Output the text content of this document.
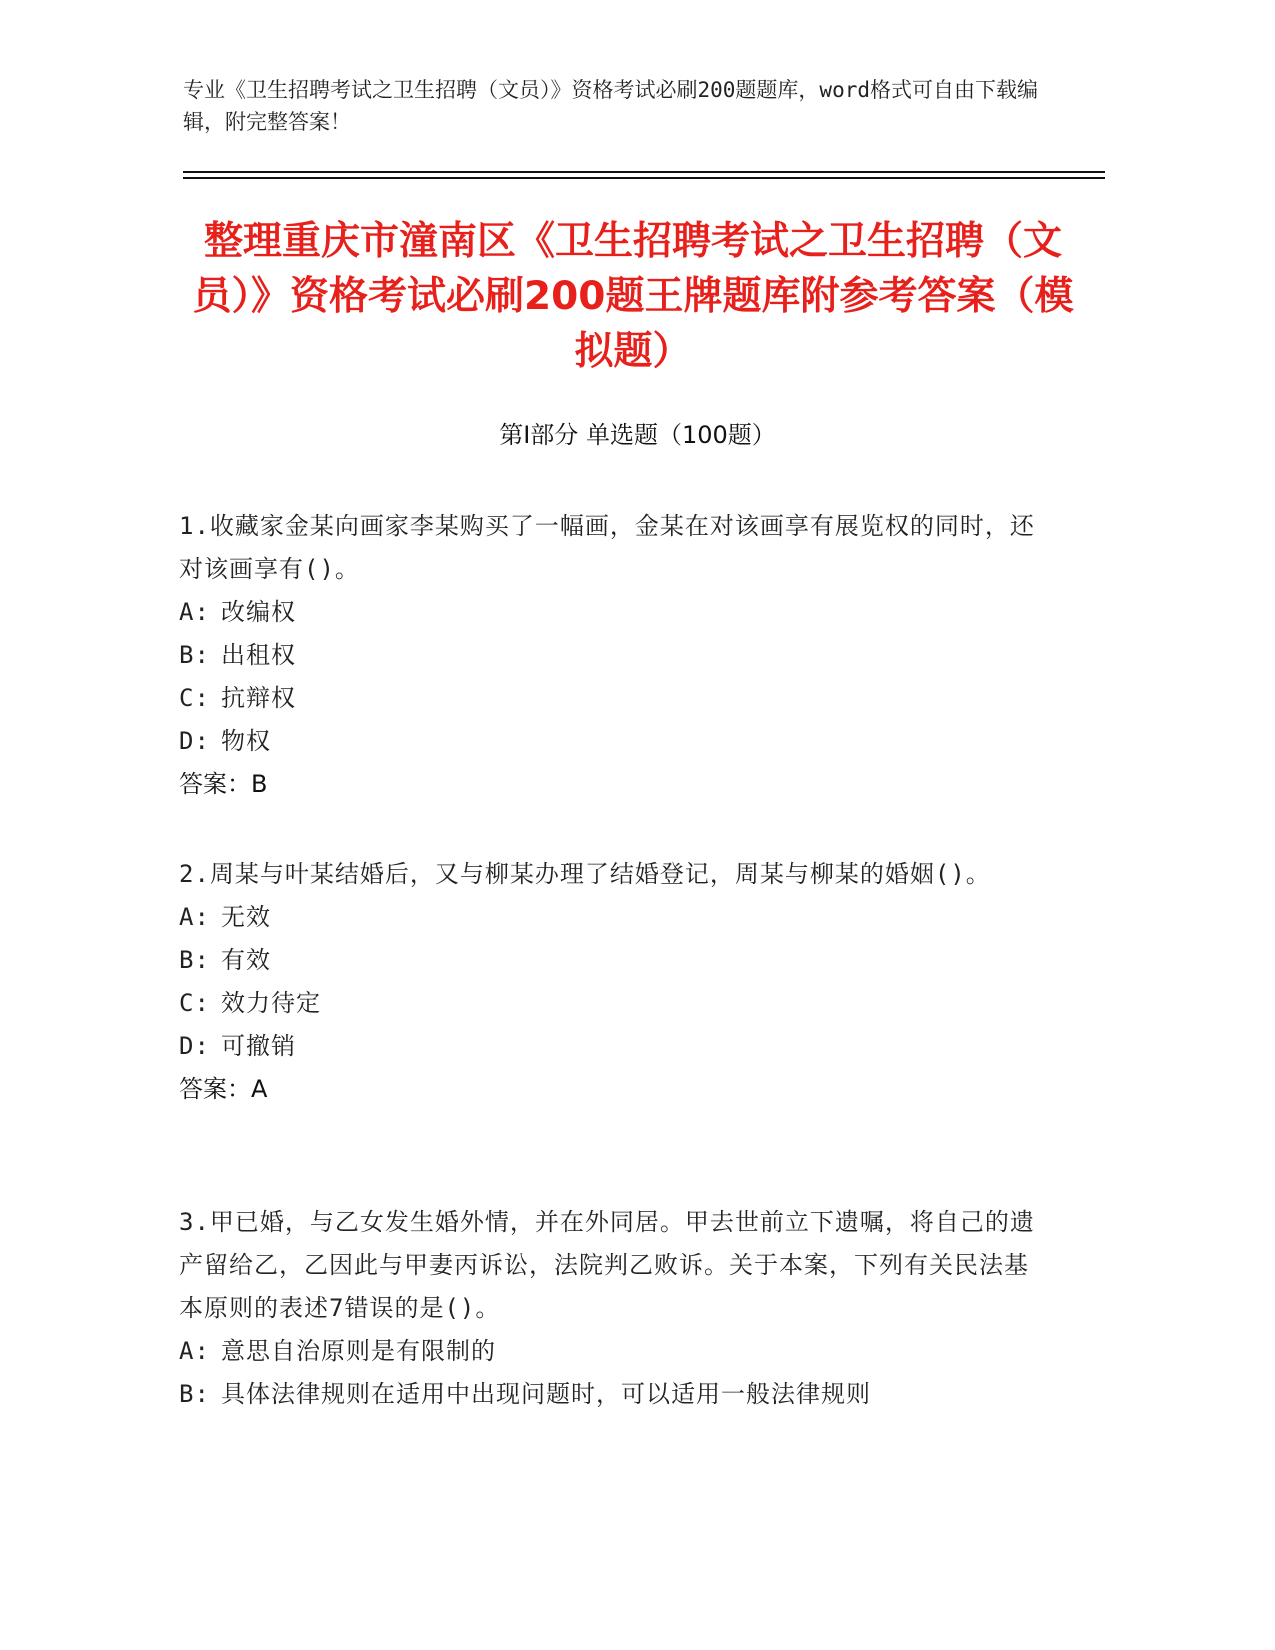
专业《卫生招聘考试之卫生招聘（文员）》资格考试必刷200题题库，word格式可自由下载编辑，附完整答案！
整理重庆市潼南区《卫生招聘考试之卫生招聘（文员）》资格考试必刷200题王牌题库附参考答案（模拟题）
第Ⅰ部分 单选题（100题）
1.收藏家金某向画家李某购买了一幅画，金某在对该画享有展览权的同时，还对该画享有()。
A: 改编权
B: 出租权
C: 抗辩权
D: 物权
答案：B
2.周某与叶某结婚后，又与柳某办理了结婚登记，周某与柳某的婚姻()。
A: 无效
B: 有效
C: 效力待定
D: 可撤销
答案：A
3.甲已婚，与乙女发生婚外情，并在外同居。甲去世前立下遗嘱，将自己的遗产留给乙，乙因此与甲妻丙诉讼，法院判乙败诉。关于本案，下列有关民法基本原则的表述7错误的是()。
A: 意思自治原则是有限制的
B: 具体法律规则在适用中出现问题时，可以适用一般法律规则
